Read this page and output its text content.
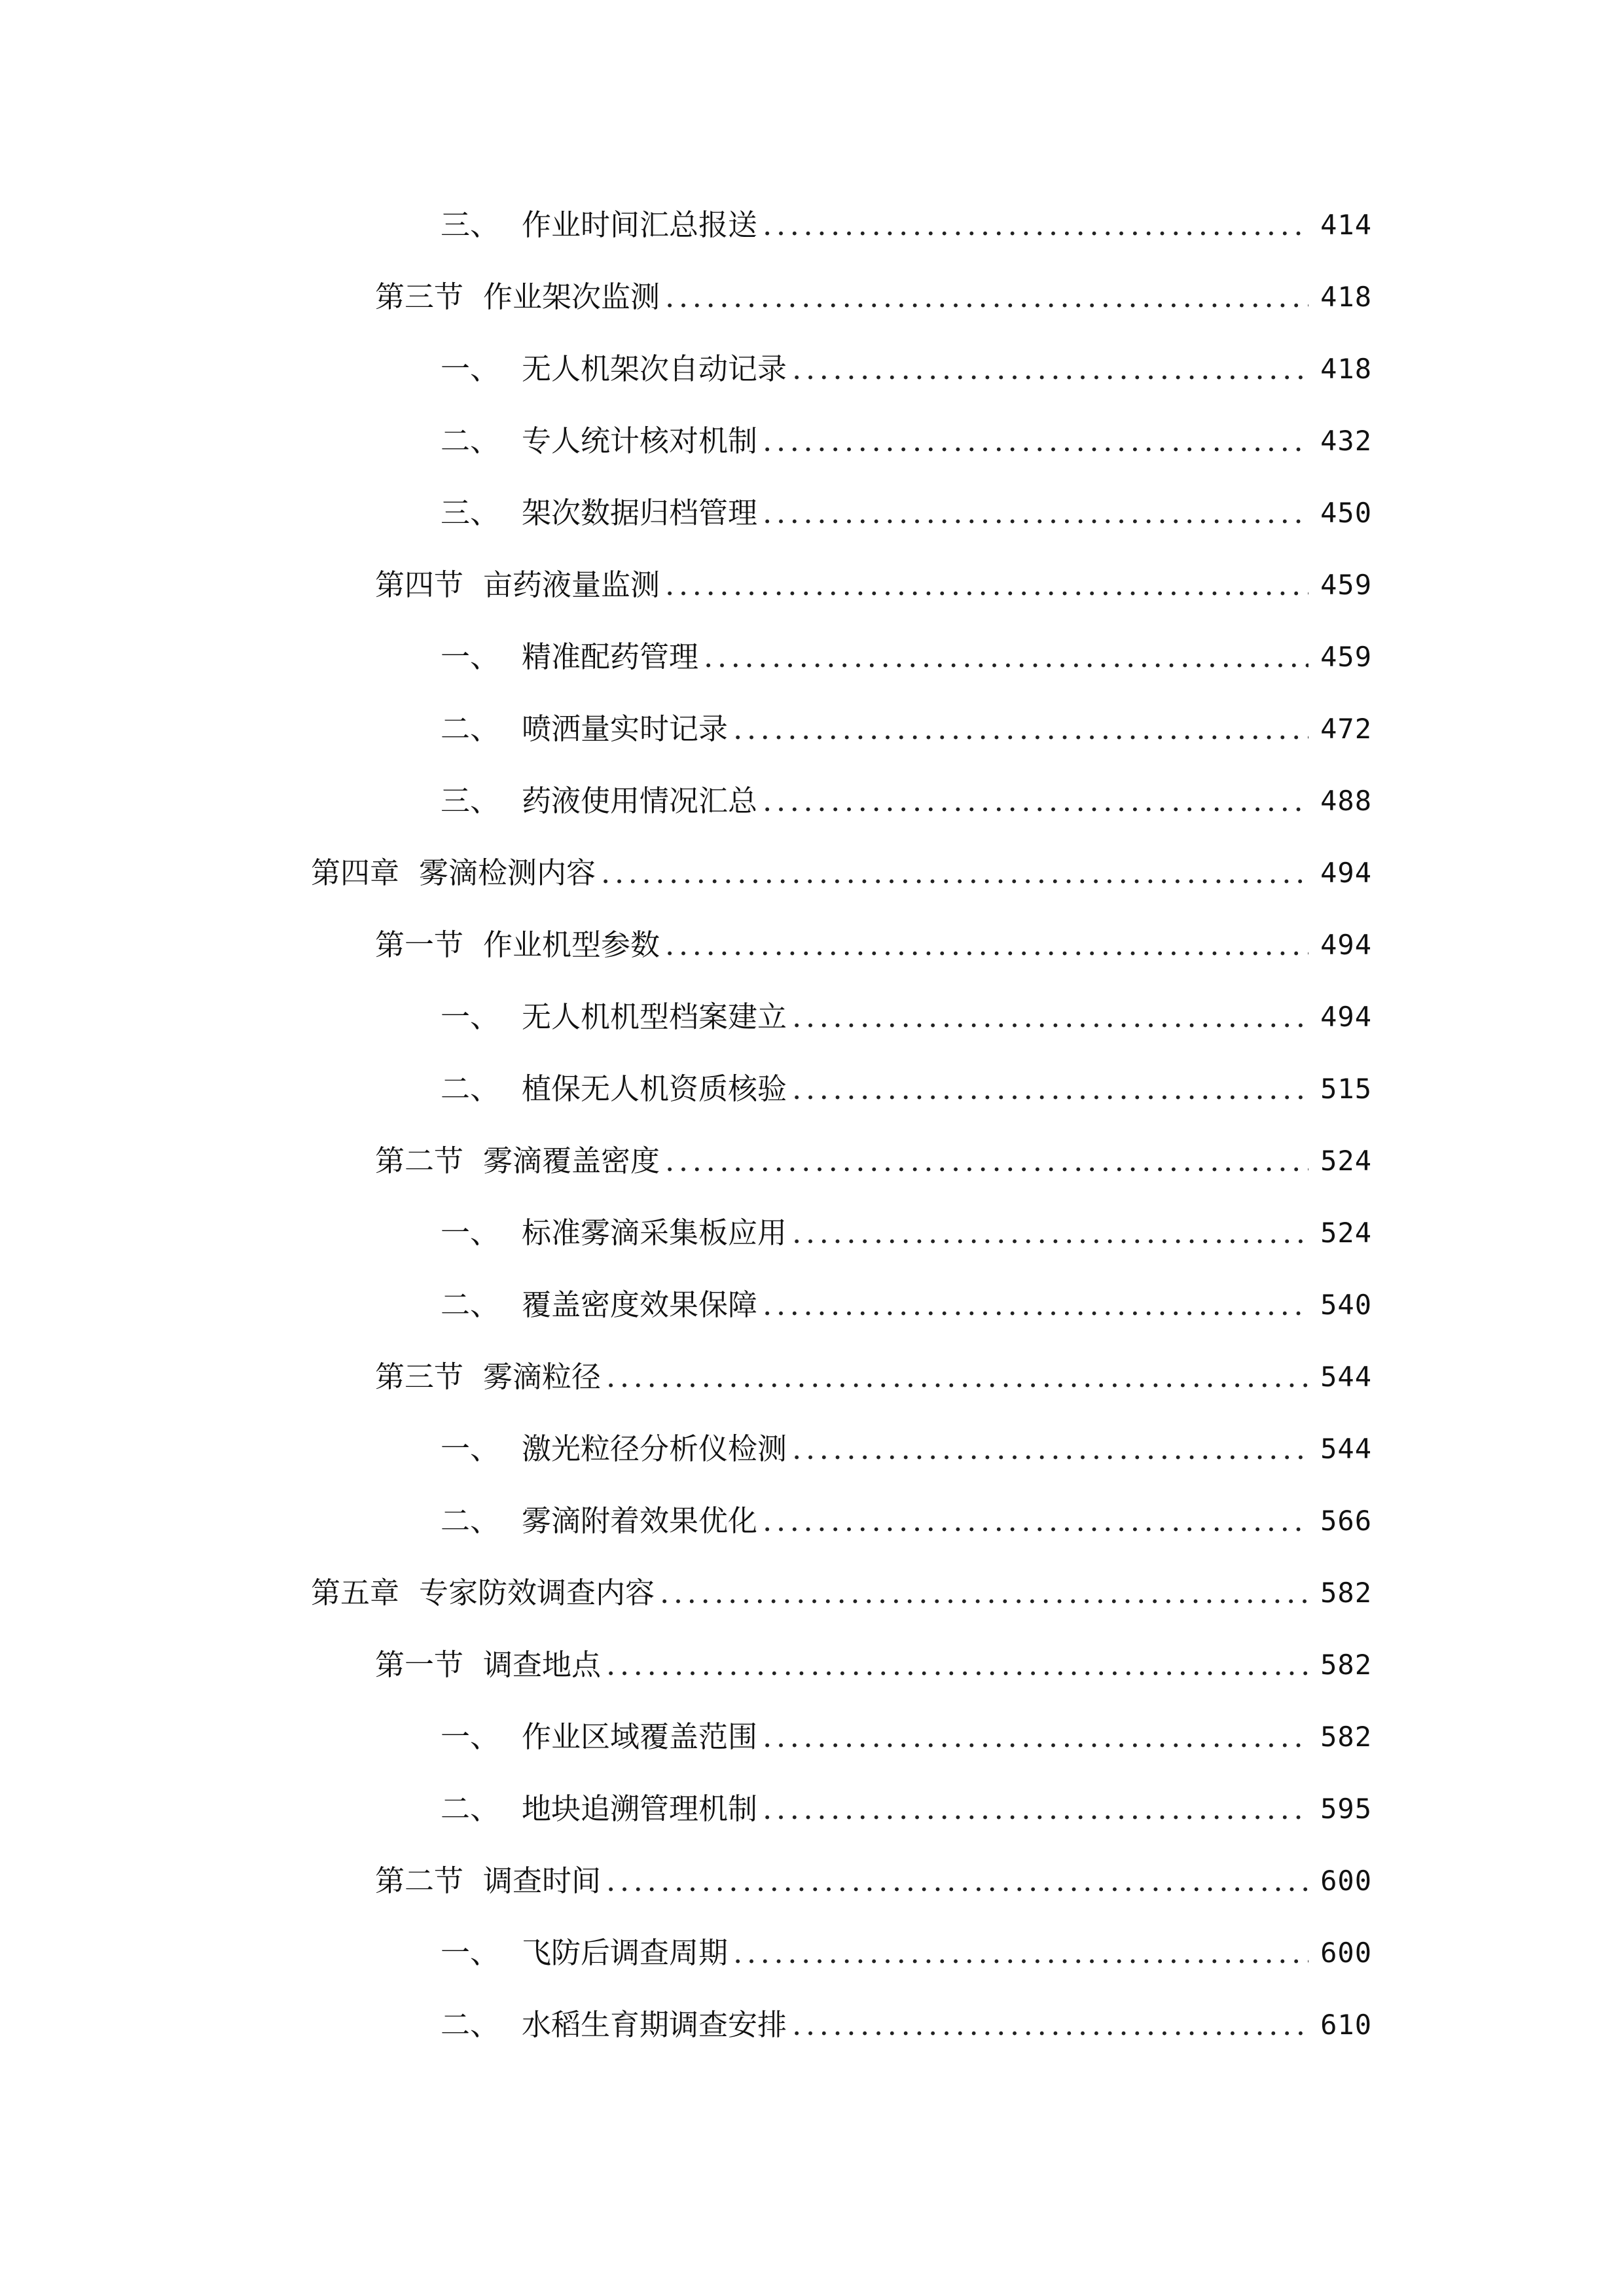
三、 作业时间汇总报送 .....	414
第三节 作业架次监测 .....	418
一、 无人机架次自动记录 .....	418
二、 专人统计核对机制 .....	432
三、 架次数据归档管理 .....	450
第四节 亩药液量监测 .....	459
一、 精准配药管理 .....	459
二、 喷洒量实时记录 .....	472
三、 药液使用情况汇总 .....	488
第四章 雾滴检测内容 .....	494
第一节 作业机型参数 .....	494
一、 无人机机型档案建立 .....	494
二、 植保无人机资质核验 .....	515
第二节 雾滴覆盖密度 .....	524
一、 标准雾滴采集板应用 .....	524
二、 覆盖密度效果保障 .....	540
第三节 雾滴粒径 .....	544
一、 激光粒径分析仪检测 .....	544
二、 雾滴附着效果优化 .....	566
第五章 专家防效调查内容 .....	582
第一节 调查地点 .....	582
一、 作业区域覆盖范围 .....	582
二、 地块追溯管理机制 .....	595
第二节 调查时间 .....	600
一、 飞防后调查周期 .....	600
二、 水稻生育期调查安排 .....	610
